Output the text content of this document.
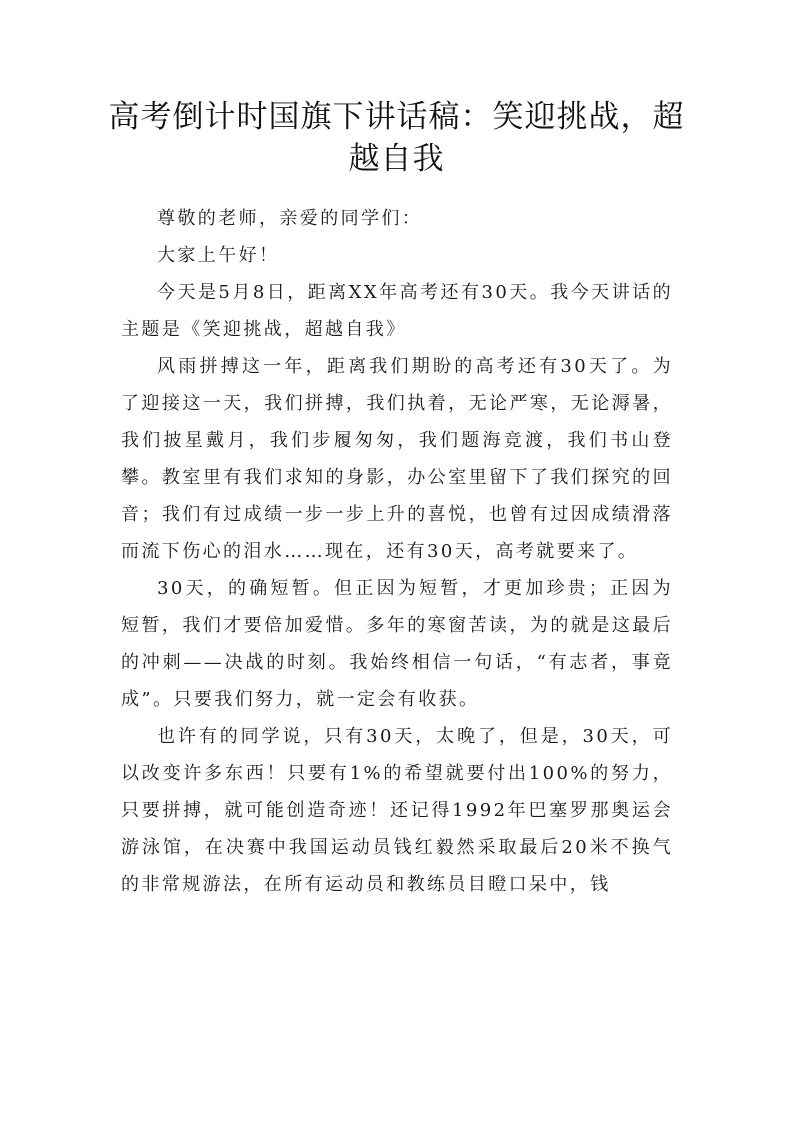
高考倒计时国旗下讲话稿：笑迎挑战，超越自我

尊敬的老师，亲爱的同学们：

大家上午好！

今天是5月8日，距离XX年高考还有30天。我今天讲话的主题是《笑迎挑战，超越自我》

风雨拼搏这一年，距离我们期盼的高考还有30天了。为了迎接这一天，我们拼搏，我们执着，无论严寒，无论溽暑，我们披星戴月，我们步履匆匆，我们题海竞渡，我们书山登攀。教室里有我们求知的身影，办公室里留下了我们探究的回音；我们有过成绩一步一步上升的喜悦，也曾有过因成绩滑落而流下伤心的泪水……现在，还有30天，高考就要来了。

30天，的确短暂。但正因为短暂，才更加珍贵；正因为短暂，我们才要倍加爱惜。多年的寒窗苦读，为的就是这最后的冲刺——决战的时刻。我始终相信一句话，“有志者，事竟成”。只要我们努力，就一定会有收获。

也许有的同学说，只有30天，太晚了，但是，30天，可以改变许多东西！只要有1%的希望就要付出100%的努力，只要拼搏，就可能创造奇迹！还记得1992年巴塞罗那奥运会游泳馆，在决赛中我国运动员钱红毅然采取最后20米不换气的非常规游法，在所有运动员和教练员目瞪口呆中，钱
